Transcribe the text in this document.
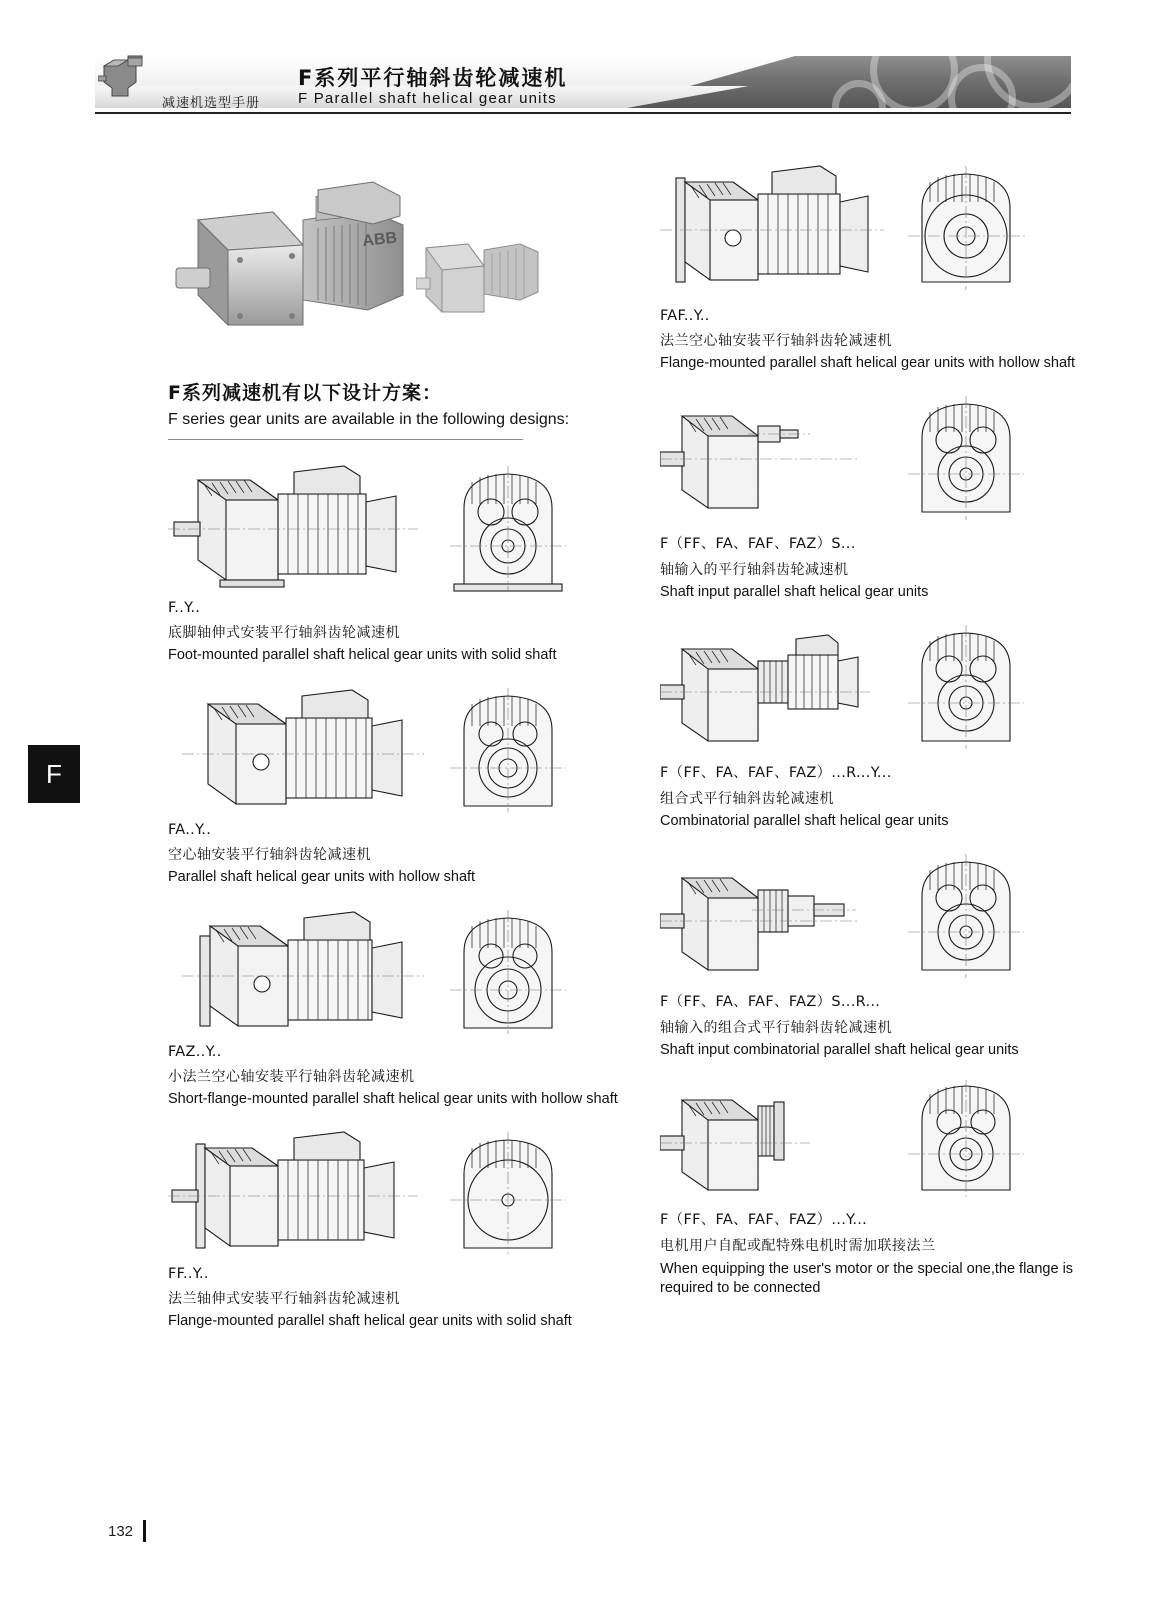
F系列平行轴斜齿轮减速机
F Parallel shaft helical gear units
减速机选型手册
F
ABB
F系列减速机有以下设计方案：
F series gear units are available in the following designs:
F..Y..
底脚轴伸式安装平行轴斜齿轮减速机
Foot-mounted parallel shaft helical gear units with solid shaft
FA..Y..
空心轴安装平行轴斜齿轮减速机
Parallel shaft helical gear units with hollow shaft
FAZ..Y..
小法兰空心轴安装平行轴斜齿轮减速机
Short-flange-mounted parallel shaft helical gear units with hollow shaft
FF..Y..
法兰轴伸式安装平行轴斜齿轮减速机
Flange-mounted parallel shaft helical gear units with solid shaft
FAF..Y..
法兰空心轴安装平行轴斜齿轮减速机
Flange-mounted parallel shaft helical gear units with hollow shaft
F（FF、FA、FAF、FAZ）S...
轴输入的平行轴斜齿轮减速机
Shaft input parallel shaft helical gear units
F（FF、FA、FAF、FAZ）...R...Y...
组合式平行轴斜齿轮减速机
Combinatorial parallel shaft helical gear units
F（FF、FA、FAF、FAZ）S...R...
轴输入的组合式平行轴斜齿轮减速机
Shaft input combinatorial parallel shaft helical gear units
F（FF、FA、FAF、FAZ）...Y...
电机用户自配或配特殊电机时需加联接法兰
When equipping the user's motor or the special one,the flange is required to be connected
132
